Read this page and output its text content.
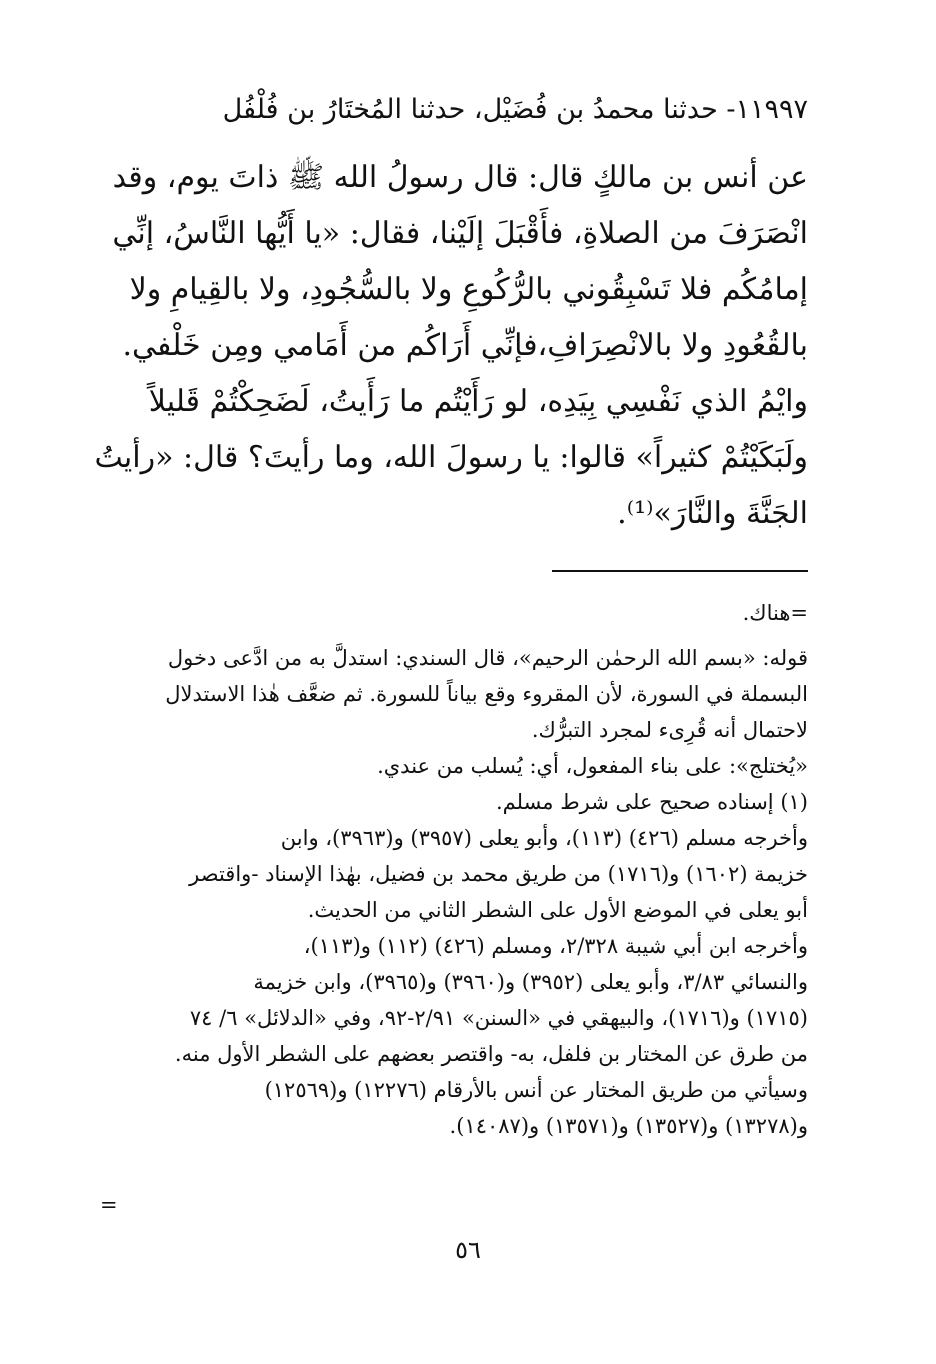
١١٩٩٧- حدثنا محمدُ بن فُضَيْل، حدثنا المُختَارُ بن فُلْفُل
عن أنس بن مالكٍ قال: قال رسولُ الله ﷺ ذاتَ يوم، وقد
انْصَرَفَ من الصلاةِ، فأَقْبَلَ إلَيْنا، فقال: «يا أَيُّها النَّاسُ، إنِّي
إمامُكُم فلا تَسْبِقُوني بالرُّكُوعِ ولا بالسُّجُودِ، ولا بالقِيامِ ولا
بالقُعُودِ ولا بالانْصِرَافِ،فإنِّي أَرَاكُم من أَمَامي ومِن خَلْفي.
وايْمُ الذي نَفْسِي بِيَدِه، لو رَأَيْتُم ما رَأَيتُ، لَضَحِكْتُمْ قَليلاً
ولَبَكَيْتُمْ كثيراً» قالوا: يا رسولَ الله، وما رأيتَ؟ قال: «رأيتُ
الجَنَّةَ والنَّارَ»⁽¹⁾.
=هناك.
قوله: «بسم الله الرحمٰن الرحيم»، قال السندي: استدلَّ به من ادَّعى دخول
البسملة في السورة، لأن المقروء وقع بياناً للسورة. ثم ضعَّف هٰذا الاستدلال
لاحتمال أنه قُرِىء لمجرد التبرُّك.
«يُختلج»: على بناء المفعول، أي: يُسلب من عندي.
(١) إسناده صحيح على شرط مسلم.
وأخرجه مسلم (٤٢٦) (١١٣)، وأبو يعلى (٣٩٥٧) و(٣٩٦٣)، وابن
خزيمة (١٦٠٢) و(١٧١٦) من طريق محمد بن فضيل، بهٰذا الإسناد -واقتصر
أبو يعلى في الموضع الأول على الشطر الثاني من الحديث.
وأخرجه ابن أبي شيبة ٢/٣٢٨، ومسلم (٤٢٦) (١١٢) و(١١٣)،
والنسائي ٣/٨٣، وأبو يعلى (٣٩٥٢) و(٣٩٦٠) و(٣٩٦٥)، وابن خزيمة
(١٧١٥) و(١٧١٦)، والبيهقي في «السنن» ٢/٩١-٩٢، وفي «الدلائل» ٦/ ٧٤
من طرق عن المختار بن فلفل، به- واقتصر بعضهم على الشطر الأول منه.
وسيأتي من طريق المختار عن أنس بالأرقام (١٢٢٧٦) و(١٢٥٦٩)
و(١٣٢٧٨) و(١٣٥٢٧) و(١٣٥٧١) و(١٤٠٨٧).
=
٥٦
